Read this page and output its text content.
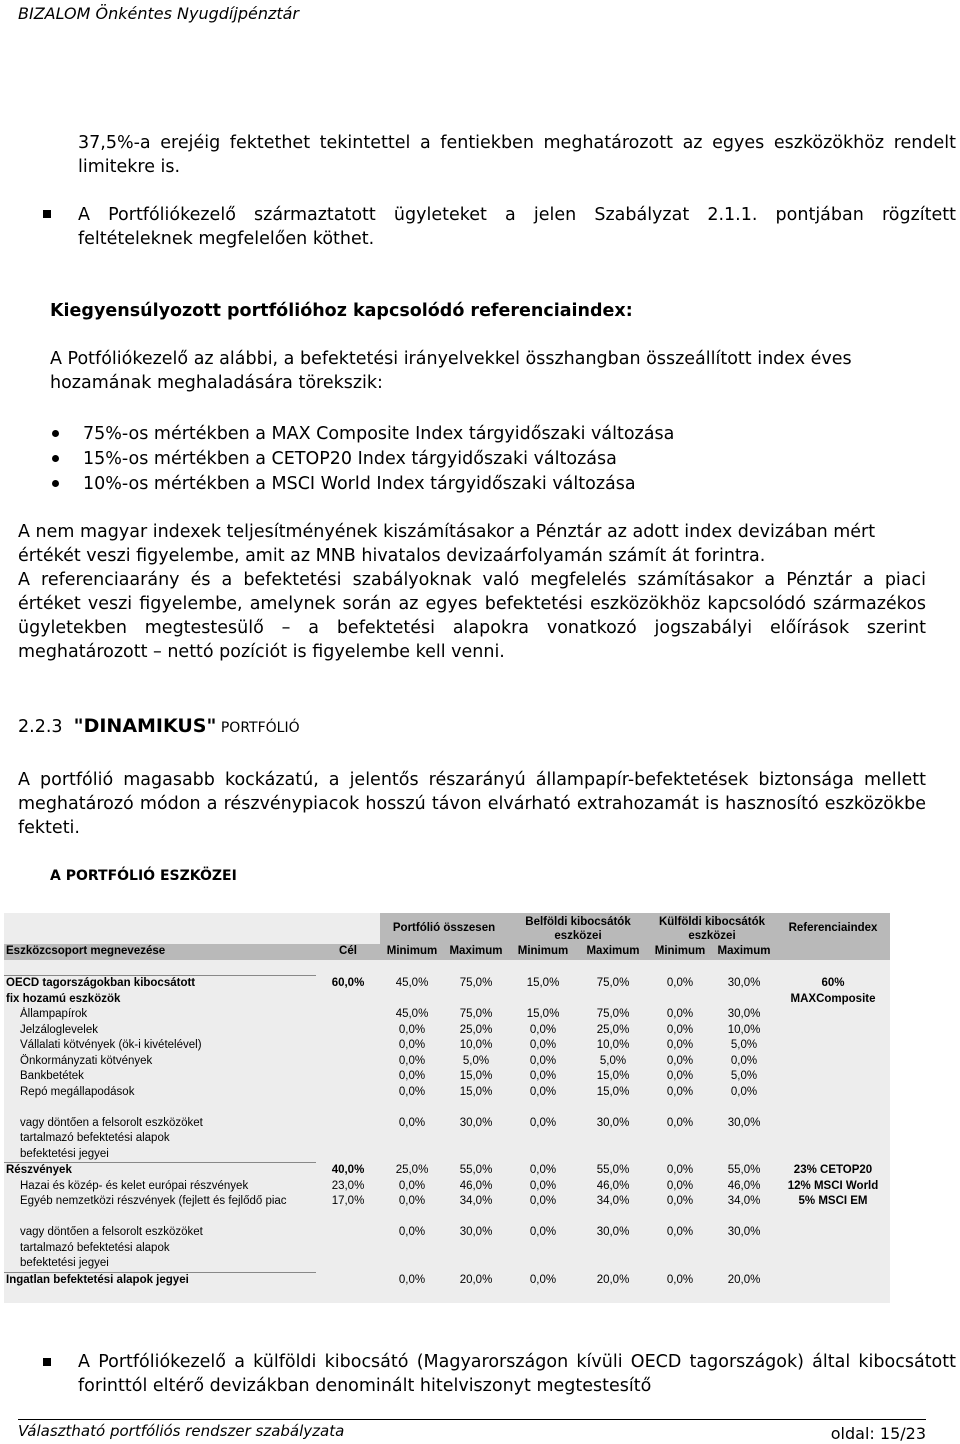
BIZALOM Önkéntes Nyugdíjpénztár
37,5%-a erejéig fektethet tekintettel a fentiekben meghatározott az egyes eszközökhöz rendelt limitekre is.
A Portfóliókezelő származtatott ügyleteket a jelen Szabályzat 2.1.1. pontjában rögzített feltételeknek megfelelően köthet.
Kiegyensúlyozott portfólióhoz kapcsolódó referenciaindex:
A Potfóliókezelő az alábbi, a befektetési irányelvekkel összhangban összeállított index éves hozamának meghaladására törekszik:
75%-os mértékben a MAX Composite Index tárgyidőszaki változása
15%-os mértékben a CETOP20 Index tárgyidőszaki változása
10%-os mértékben a MSCI World Index tárgyidőszaki változása
A nem magyar indexek teljesítményének kiszámításakor a Pénztár az adott index devizában mért értékét veszi figyelembe, amit az MNB hivatalos devizaárfolyamán számít át forintra.
A referenciaarány és a befektetési szabályoknak való megfelelés számításakor a Pénztár a piaci értéket veszi figyelembe, amelynek során az egyes befektetési eszközökhöz kapcsolódó származékos ügyletekben megtestesülő – a befektetési alapokra vonatkozó jogszabályi előírások szerint meghatározott – nettó pozíciót is figyelembe kell venni.
2.2.3 "DINAMIKUS" PORTFÓLIÓ
A portfólió magasabb kockázatú, a jelentős részarányú állampapír-befektetések biztonsága mellett meghatározó módon a részvénypiacok hosszú távon elvárható extrahozamát is hasznosító eszközökbe fekteti.
A PORTFÓLIÓ ESZKÖZEI
		Portfólió összesen		Belföldi kibocsátók eszközei		Külföldi kibocsátók eszközei		Referenciaindex
Eszközcsoport megnevezése	Cél	Minimum	Maximum	Minimum	Maximum	Minimum	Maximum	

OECD tagországokban kibocsátott	60,0%	45,0%	75,0%	15,0%	75,0%	0,0%	30,0%	60%
fix hozamú eszközök								MAXComposite
Állampapírok		45,0%	75,0%	15,0%	75,0%	0,0%	30,0%	
Jelzáloglevelek		0,0%	25,0%	0,0%	25,0%	0,0%	10,0%	
Vállalati kötvények (ök-i kivételével)		0,0%	10,0%	0,0%	10,0%	0,0%	5,0%	
Önkormányzati kötvények		0,0%	5,0%	0,0%	5,0%	0,0%	0,0%	
Bankbetétek		0,0%	15,0%	0,0%	15,0%	0,0%	5,0%	
Repó megállapodások		0,0%	15,0%	0,0%	15,0%	0,0%	0,0%	

vagy döntően a felsorolt eszközöket		0,0%	30,0%	0,0%	30,0%	0,0%	30,0%	
tartalmazó befektetési alapok								
befektetési jegyei								
Részvények	40,0%	25,0%	55,0%	0,0%	55,0%	0,0%	55,0%	23% CETOP20
Hazai és közép- és kelet európai részvények	23,0%	0,0%	46,0%	0,0%	46,0%	0,0%	46,0%	12% MSCI World
Egyéb nemzetközi részvények (fejlett és fejlődő piac	17,0%	0,0%	34,0%	0,0%	34,0%	0,0%	34,0%	5% MSCI EM

vagy döntően a felsorolt eszközöket		0,0%	30,0%	0,0%	30,0%	0,0%	30,0%	
tartalmazó befektetési alapok								
befektetési jegyei								
Ingatlan befektetési alapok jegyei		0,0%	20,0%	0,0%	20,0%	0,0%	20,0%	
A Portfóliókezelő a külföldi kibocsátó (Magyarországon kívüli OECD tagországok) által kibocsátott forinttól eltérő devizákban denominált hitelviszonyt megtestesítő
Választható portfóliós rendszer szabályzata	oldal: 15/23
